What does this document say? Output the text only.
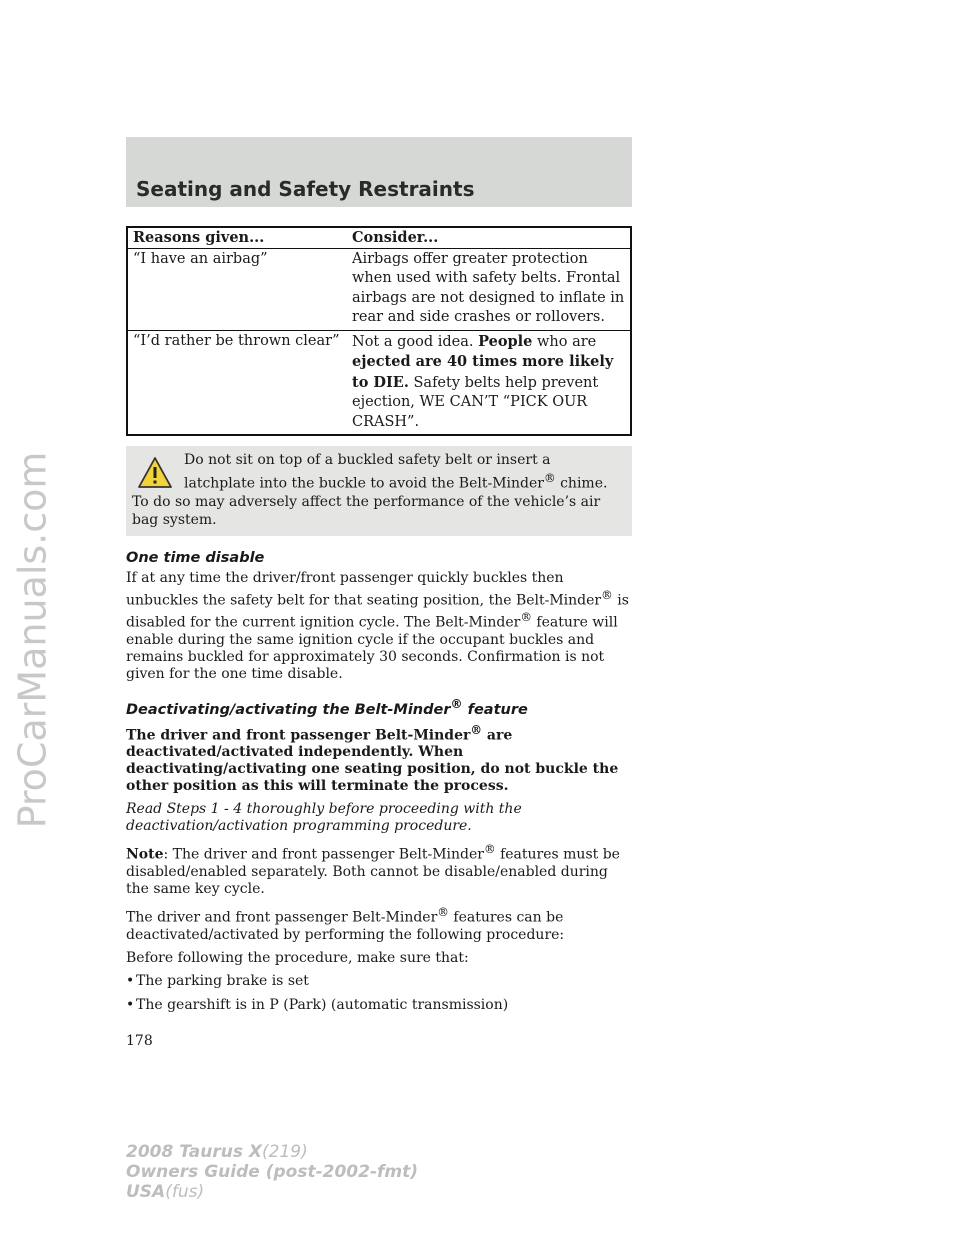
ProCarManuals.com
Seating and Safety Restraints
Reasons given...	Consider...
“I have an airbag”	Airbags offer greater protection when used with safety belts. Frontal airbags are not designed to inflate in rear and side crashes or rollovers.
“I’d rather be thrown clear”	Not a good idea. People who are ejected are 40 times more likely to DIE. Safety belts help prevent ejection, WE CAN’T “PICK OUR CRASH”.
Do not sit on top of a buckled safety belt or insert a latchplate into the buckle to avoid the Belt-Minder® chime. To do so may adversely affect the performance of the vehicle’s air bag system.
One time disable

If at any time the driver/front passenger quickly buckles then unbuckles the safety belt for that seating position, the Belt-Minder® is disabled for the current ignition cycle. The Belt-Minder® feature will enable during the same ignition cycle if the occupant buckles and remains buckled for approximately 30 seconds. Confirmation is not given for the one time disable.

Deactivating/activating the Belt-Minder® feature

The driver and front passenger Belt-Minder® are deactivated/activated independently. When deactivating/activating one seating position, do not buckle the other position as this will terminate the process.

Read Steps 1 - 4 thoroughly before proceeding with the deactivation/activation programming procedure.

Note: The driver and front passenger Belt-Minder® features must be disabled/enabled separately. Both cannot be disable/enabled during the same key cycle.

The driver and front passenger Belt-Minder® features can be deactivated/activated by performing the following procedure:

Before following the procedure, make sure that:

• The parking brake is set
• The gearshift is in P (Park) (automatic transmission)

178

2008 Taurus X(219)
Owners Guide (post-2002-fmt)
USA(fus)
